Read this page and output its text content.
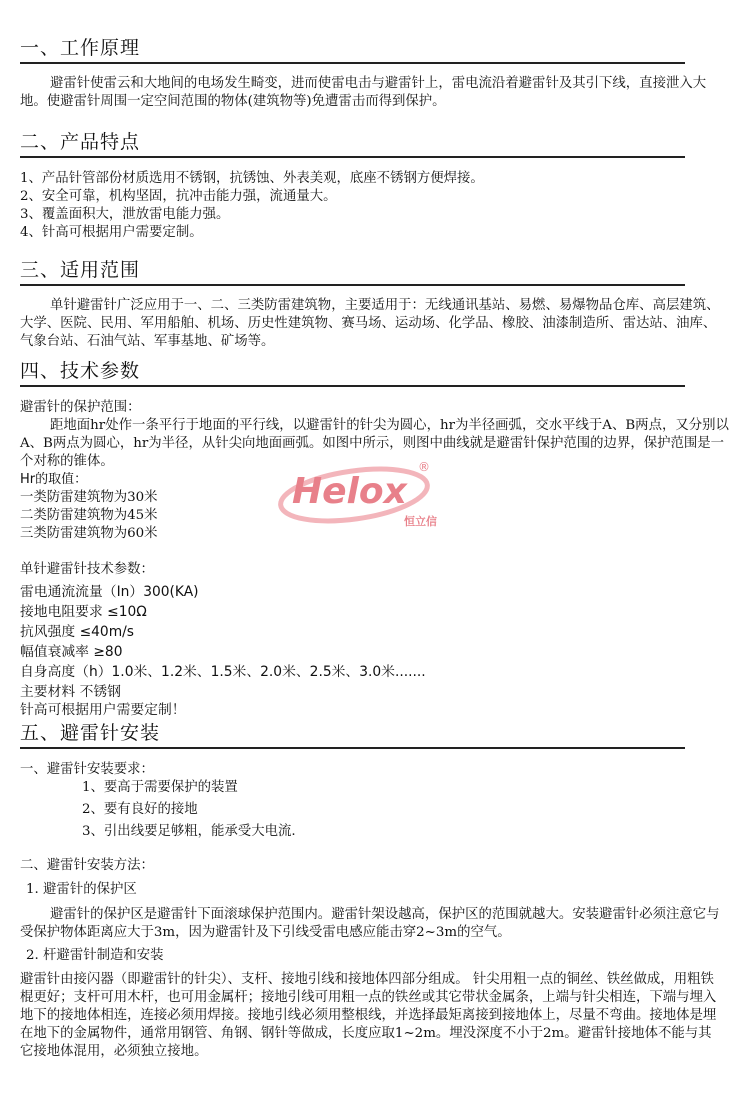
一、工作原理
避雷针使雷云和大地间的电场发生畸变，进而使雷电击与避雷针上，雷电流沿着避雷针及其引下线，直接泄入大地。使避雷针周围一定空间范围的物体(建筑物等)免遭雷击而得到保护。
二、产品特点
1、产品针管部份材质选用不锈钢，抗锈蚀、外表美观，底座不锈钢方便焊接。
2、安全可靠，机构坚固，抗冲击能力强，流通量大。
3、覆盖面积大，泄放雷电能力强。
4、针高可根据用户需要定制。
三、适用范围
单针避雷针广泛应用于一、二、三类防雷建筑物，主要适用于：无线通讯基站、易燃、易爆物品仓库、高层建筑、大学、医院、民用、军用船舶、机场、历史性建筑物、赛马场、运动场、化学品、橡胶、油漆制造所、雷达站、油库、气象台站、石油气站、军事基地、矿场等。
四、技术参数
避雷针的保护范围：
距地面hr处作一条平行于地面的平行线，以避雷针的针尖为圆心，hr为半径画弧，交水平线于A、B两点，又分别以A、B两点为圆心，hr为半径，从针尖向地面画弧。如图中所示，则图中曲线就是避雷针保护范围的边界，保护范围是一个对称的锥体。
Hr的取值：
一类防雷建筑物为30米
二类防雷建筑物为45米
三类防雷建筑物为60米
Helox
恒立信
®
单针避雷针技术参数：
雷电通流流量（In）300(KA)
接地电阻要求 ≤10Ω
抗风强度 ≤40m/s
幅值衰减率 ≥80
自身高度（h）1.0米、1.2米、1.5米、2.0米、2.5米、3.0米.......
主要材料 不锈钢
针高可根据用户需要定制！
五、避雷针安装
一、避雷针安装要求：
1、要高于需要保护的装置
2、要有良好的接地
3、引出线要足够粗，能承受大电流.
二、避雷针安装方法：
1. 避雷针的保护区
避雷针的保护区是避雷针下面滚球保护范围内。避雷针架设越高，保护区的范围就越大。安装避雷针必须注意它与受保护物体距离应大于3m，因为避雷针及下引线受雷电感应能击穿2~3m的空气。
2. 杆避雷针制造和安装
避雷针由接闪器（即避雷针的针尖）、支杆、接地引线和接地体四部分组成。 针尖用粗一点的铜丝、铁丝做成，用粗铁棍更好；支杆可用木杆，也可用金属杆；接地引线可用粗一点的铁丝或其它带状金属条，上端与针尖相连，下端与埋入地下的接地体相连，连接必须用焊接。接地引线必须用整根线，并选择最矩离接到接地体上，尽量不弯曲。接地体是埋在地下的金属物件，通常用钢管、角钢、钢针等做成，长度应取1~2m。埋没深度不小于2m。避雷针接地体不能与其它接地体混用，必须独立接地。
